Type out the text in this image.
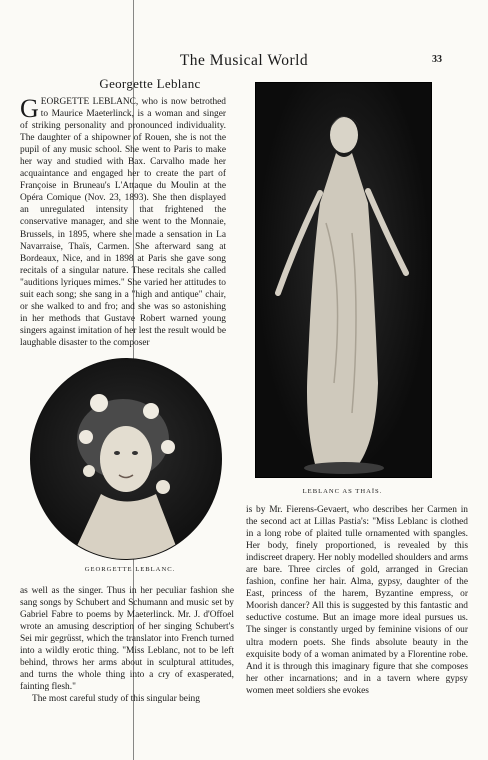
The Musical World	33
Georgette Leblanc
G EORGETTE LEBLANC, who is now betrothed to Maurice Maeterlinck, is a woman and singer of striking personality and pronounced individuality. The daughter of a shipowner of Rouen, she is not the pupil of any music school. She went to Paris to make her way and studied with Bax. Carvalho made her acquaintance and engaged her to create the part of Françoise in Bruneau's L'Attaque du Moulin at the Opéra Comique (Nov. 23, 1893). She then displayed an unregulated intensity that frightened the conservative manager, and she went to the Monnaie, Brussels, in 1895, where she made a sensation in La Navarraise, Thaïs, Carmen. She afterward sang at Bordeaux, Nice, and in 1898 at Paris she gave song recitals of a singular nature. These recitals she called "auditions lyriques mimes." She varied her attitudes to suit each song; she sang in a "high and antique" chair, or she walked to and fro; and she was so astonishing in her methods that Gustave Robert warned young singers against imitation of her lest the result would be laughable disaster to the composer

LEBLANC AS THAÏS.
GEORGETTE LEBLANC.

as well as the singer. Thus in her peculiar fashion she sang songs by Schubert and Schumann and music set by Gabriel Fabre to poems by Maeterlinck. Mr. J. d'Offoel wrote an amusing description of her singing Schubert's Sei mir gegrüsst, which the translator into French turned into a wildly erotic thing. "Miss Leblanc, not to be left behind, throws her arms about in sculptural attitudes, and turns the whole thing into a cry of exasperated, fainting flesh."

The most careful study of this singular being

is by Mr. Fierens-Gevaert, who describes her Carmen in the second act at Lillas Pastia's: "Miss Leblanc is clothed in a long robe of plaited tulle ornamented with spangles. Her body, finely proportioned, is revealed by this indiscreet drapery. Her nobly modelled shoulders and arms are bare. Three circles of gold, arranged in Grecian fashion, confine her hair. Alma, gypsy, daughter of the East, princess of the harem, Byzantine empress, or Moorish dancer? All this is suggested by this fantastic and seductive costume. But an image more ideal pursues us. The singer is constantly urged by feminine visions of our ultra modern poets. She finds absolute beauty in the exquisite body of a woman animated by a Florentine robe. And it is through this imaginary figure that she composes her other incarnations; and in a tavern where gypsy women meet soldiers she evokes
